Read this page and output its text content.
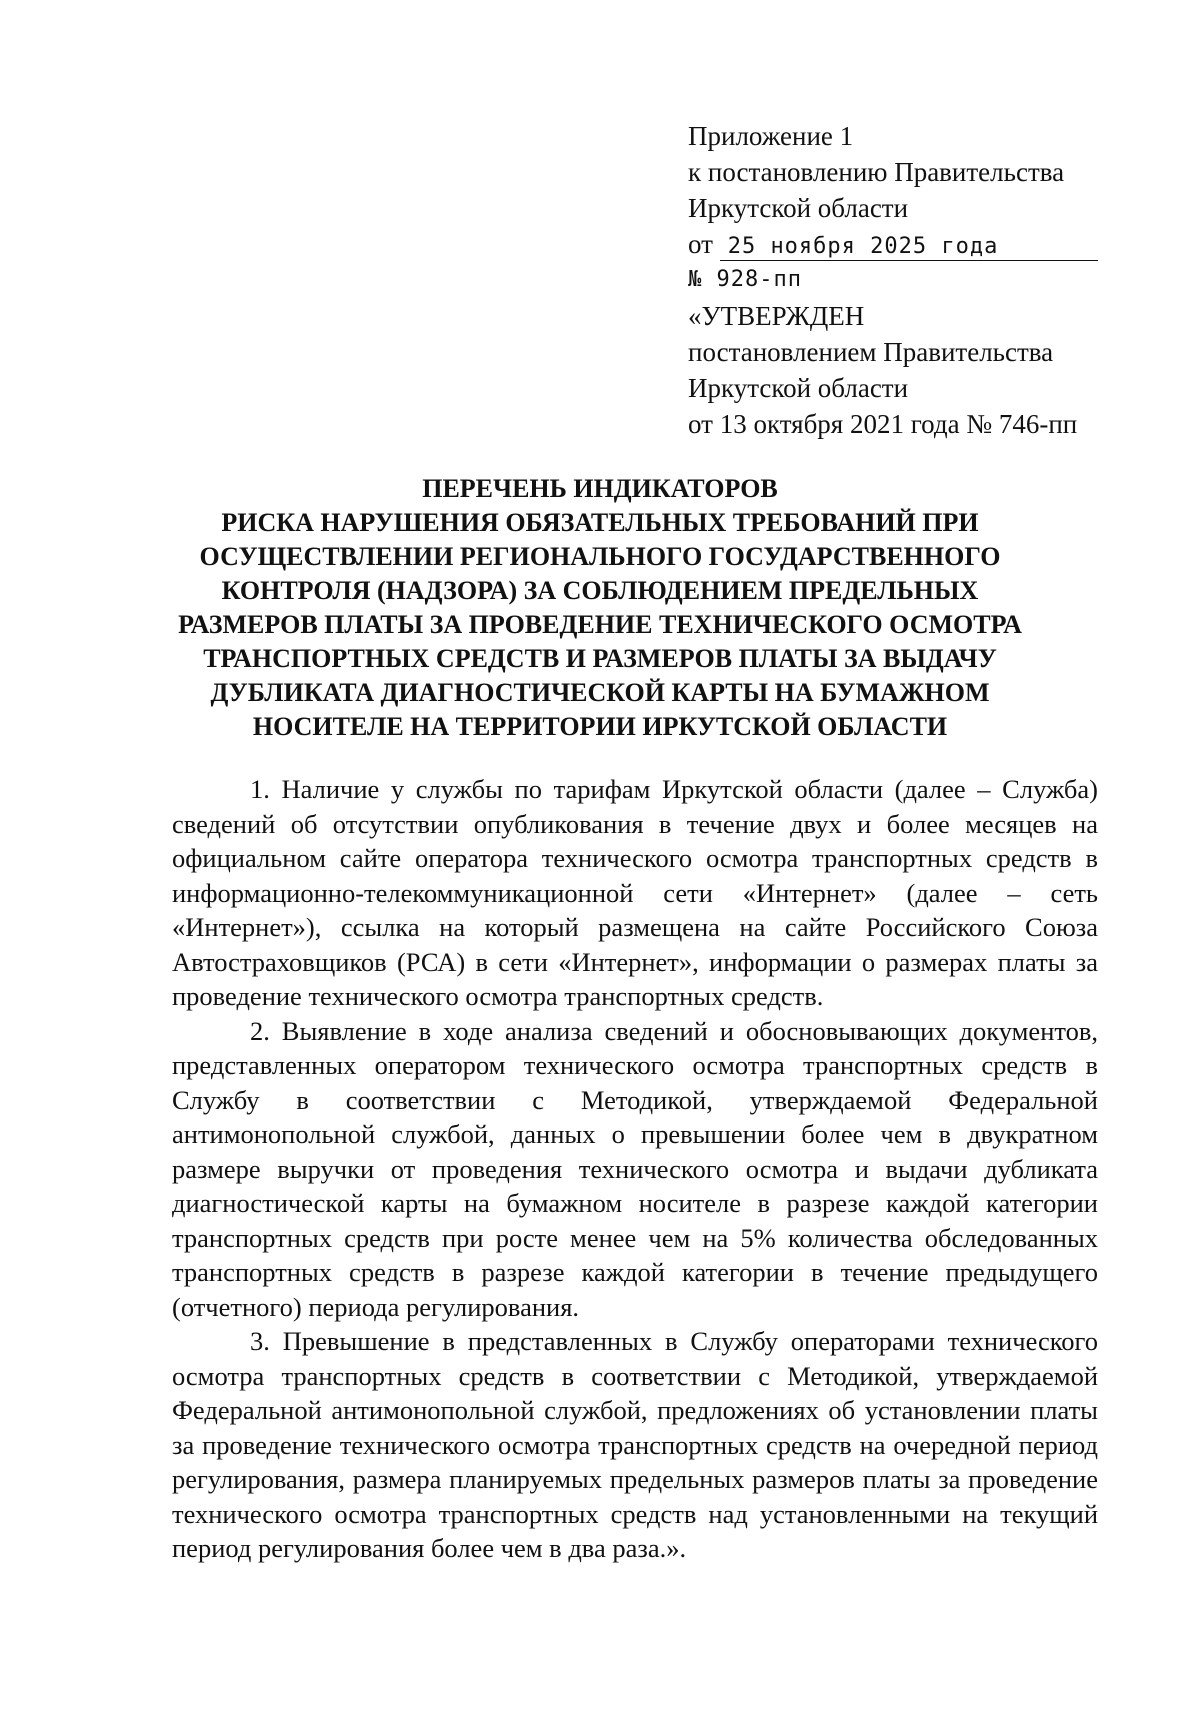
Приложение 1
к постановлению Правительства
Иркутской области
от 25 ноября 2025 года
№ 928-пп
«УТВЕРЖДЕН
постановлением Правительства
Иркутской области
от 13 октября 2021 года № 746-пп
ПЕРЕЧЕНЬ ИНДИКАТОРОВ
РИСКА НАРУШЕНИЯ ОБЯЗАТЕЛЬНЫХ ТРЕБОВАНИЙ ПРИ
ОСУЩЕСТВЛЕНИИ РЕГИОНАЛЬНОГО ГОСУДАРСТВЕННОГО
КОНТРОЛЯ (НАДЗОРА) ЗА СОБЛЮДЕНИЕМ ПРЕДЕЛЬНЫХ
РАЗМЕРОВ ПЛАТЫ ЗА ПРОВЕДЕНИЕ ТЕХНИЧЕСКОГО ОСМОТРА
ТРАНСПОРТНЫХ СРЕДСТВ И РАЗМЕРОВ ПЛАТЫ ЗА ВЫДАЧУ
ДУБЛИКАТА ДИАГНОСТИЧЕСКОЙ КАРТЫ НА БУМАЖНОМ
НОСИТЕЛЕ НА ТЕРРИТОРИИ ИРКУТСКОЙ ОБЛАСТИ

1. Наличие у службы по тарифам Иркутской области (далее – Служба) сведений об отсутствии опубликования в течение двух и более месяцев на официальном сайте оператора технического осмотра транспортных средств в информационно-телекоммуникационной сети «Интернет» (далее – сеть «Интернет»), ссылка на который размещена на сайте Российского Союза Автостраховщиков (РСА) в сети «Интернет», информации о размерах платы за проведение технического осмотра транспортных средств.

2. Выявление в ходе анализа сведений и обосновывающих документов, представленных оператором технического осмотра транспортных средств в Службу в соответствии с Методикой, утверждаемой Федеральной антимонопольной службой, данных о превышении более чем в двукратном размере выручки от проведения технического осмотра и выдачи дубликата диагностической карты на бумажном носителе в разрезе каждой категории транспортных средств при росте менее чем на 5% количества обследованных транспортных средств в разрезе каждой категории в течение предыдущего (отчетного) периода регулирования.

3. Превышение в представленных в Службу операторами технического осмотра транспортных средств в соответствии с Методикой, утверждаемой Федеральной антимонопольной службой, предложениях об установлении платы за проведение технического осмотра транспортных средств на очередной период регулирования, размера планируемых предельных размеров платы за проведение технического осмотра транспортных средств над установленными на текущий период регулирования более чем в два раза.».
